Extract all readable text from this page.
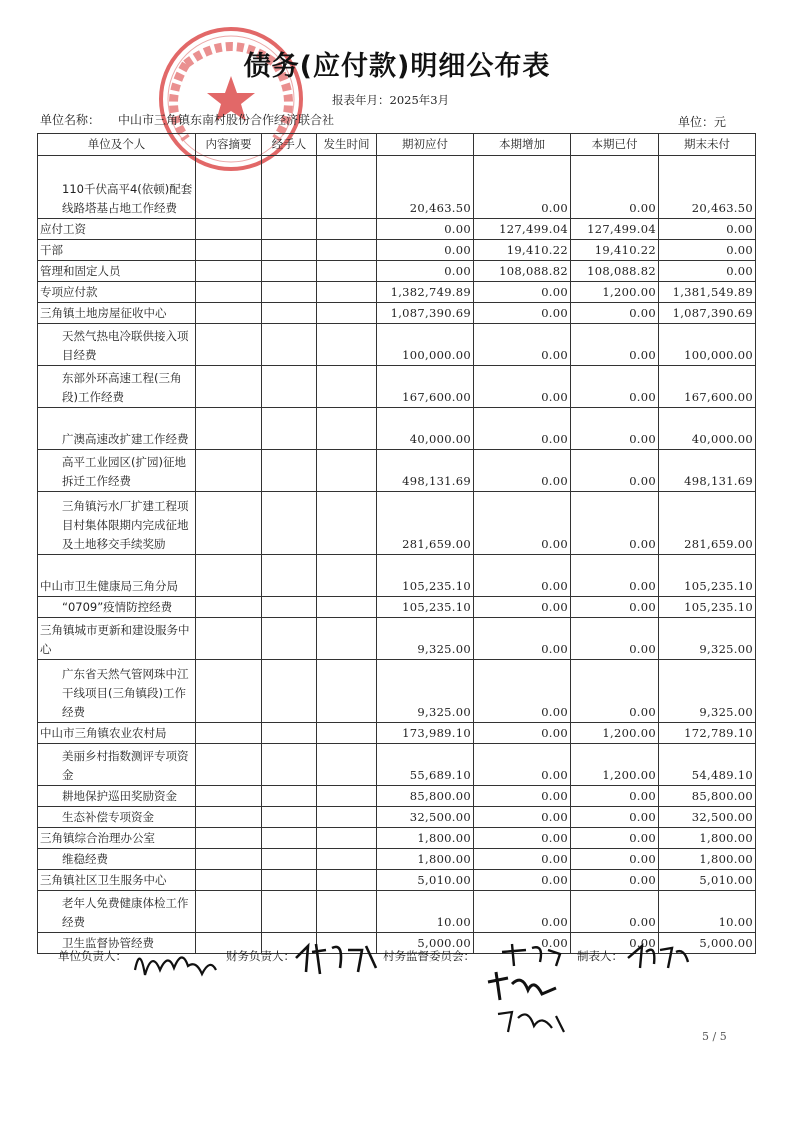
债务(应付款)明细公布表
报表年月：2025年3月
单位名称： 中山市三角镇东南村股份合作经济联合社	单位：元
单位及个人	内容摘要	经手人	发生时间	期初应付	本期增加	本期已付	期末未付
110千伏高平4(依顿)配套线路塔基占地工作经费				20,463.50	0.00	0.00	20,463.50
应付工资				0.00	127,499.04	127,499.04	0.00
干部				0.00	19,410.22	19,410.22	0.00
管理和固定人员				0.00	108,088.82	108,088.82	0.00
专项应付款				1,382,749.89	0.00	1,200.00	1,381,549.89
三角镇土地房屋征收中心				1,087,390.69	0.00	0.00	1,087,390.69
天然气热电冷联供接入项目经费				100,000.00	0.00	0.00	100,000.00
东部外环高速工程(三角段)工作经费				167,600.00	0.00	0.00	167,600.00
广澳高速改扩建工作经费				40,000.00	0.00	0.00	40,000.00
高平工业园区(扩园)征地拆迁工作经费				498,131.69	0.00	0.00	498,131.69
三角镇污水厂扩建工程项目村集体限期内完成征地及土地移交手续奖励				281,659.00	0.00	0.00	281,659.00
中山市卫生健康局三角分局				105,235.10	0.00	0.00	105,235.10
“0709”疫情防控经费				105,235.10	0.00	0.00	105,235.10
三角镇城市更新和建设服务中心				9,325.00	0.00	0.00	9,325.00
广东省天然气管网珠中江干线项目(三角镇段)工作经费				9,325.00	0.00	0.00	9,325.00
中山市三角镇农业农村局				173,989.10	0.00	1,200.00	172,789.10
美丽乡村指数测评专项资金				55,689.10	0.00	1,200.00	54,489.10
耕地保护巡田奖励资金				85,800.00	0.00	0.00	85,800.00
生态补偿专项资金				32,500.00	0.00	0.00	32,500.00
三角镇综合治理办公室				1,800.00	0.00	0.00	1,800.00
维稳经费				1,800.00	0.00	0.00	1,800.00
三角镇社区卫生服务中心				5,010.00	0.00	0.00	5,010.00
老年人免费健康体检工作经费				10.00	0.00	0.00	10.00
卫生监督协管经费				5,000.00	0.00	0.00	5,000.00
单位负责人：	财务负责人：	村务监督委员会：	制表人：
5 / 5
